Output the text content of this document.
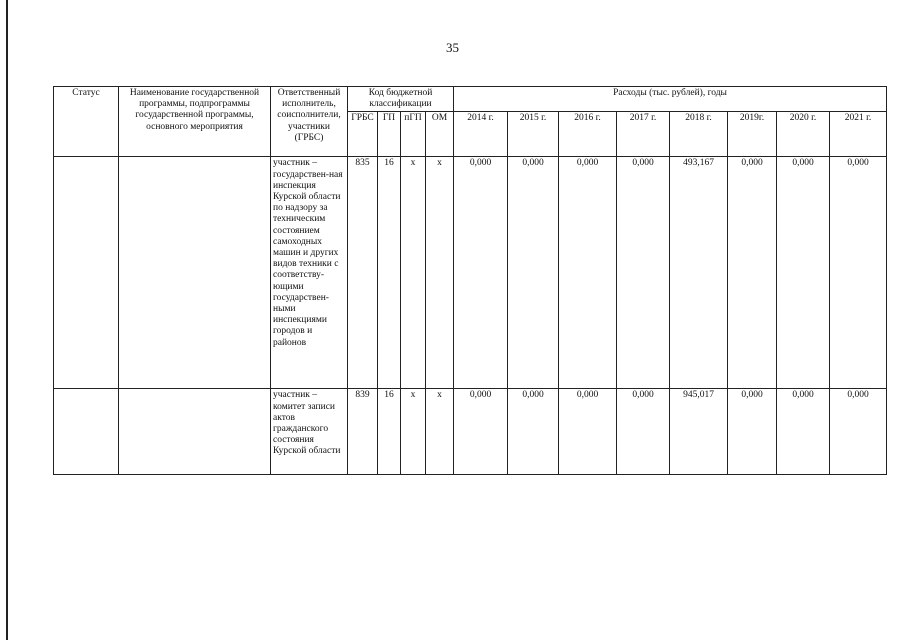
35
Статус	Наименование государственной программы, подпрограммы государственной программы, основного мероприятия	Ответственный исполнитель, соисполнители, участники (ГРБС)	Код бюджетной классификации				Расходы (тыс. рублей), годы							
			ГРБС	ГП	пГП	ОМ	2014 г.	2015 г.	2016 г.	2017 г.	2018 г.	2019г.	2020 г.	2021 г.
		участник – государствен-ная инспекция Курской области по надзору за техническим состоянием самоходных машин и других видов техники с соответству-ющими государствен-ными инспекциями городов и районов	835	16	х	х	0,000	0,000	0,000	0,000	493,167	0,000	0,000	0,000
		участник – комитет записи актов гражданского состояния Курской области	839	16	х	х	0,000	0,000	0,000	0,000	945,017	0,000	0,000	0,000
